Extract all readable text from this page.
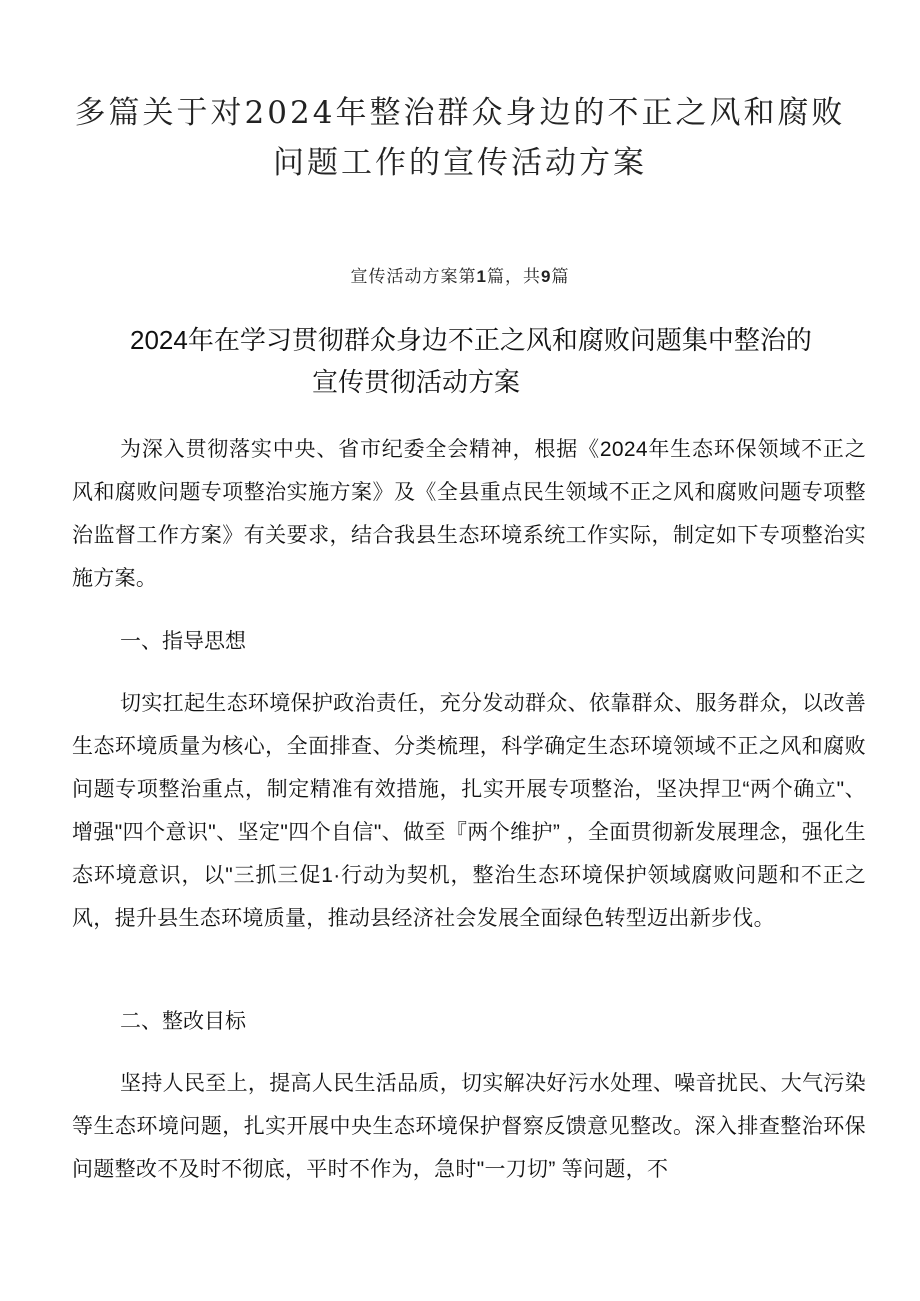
多篇关于对2024年整治群众身边的不正之风和腐败
问题工作的宣传活动方案
宣传活动方案第1篇，共9篇
2024年在学习贯彻群众身边不正之风和腐败问题集中整治的
宣传贯彻活动方案

为深入贯彻落实中央、省市纪委全会精神，根据《2024年生态环保领域不正之风和腐败问题专项整治实施方案》及《全县重点民生领域不正之风和腐败问题专项整治监督工作方案》有关要求，结合我县生态环境系统工作实际，制定如下专项整治实施方案。

一、指导思想

切实扛起生态环境保护政治责任，充分发动群众、依靠群众、服务群众，以改善生态环境质量为核心，全面排查、分类梳理，科学确定生态环境领域不正之风和腐败问题专项整治重点，制定精准有效措施，扎实开展专项整治，坚决捍卫“两个确立"、增强"四个意识"、坚定"四个自信"、做至『两个维护” ，全面贯彻新发展理念，强化生态环境意识，以"三抓三促1·行动为契机，整治生态环境保护领域腐败问题和不正之风，提升县生态环境质量，推动县经济社会发展全面绿色转型迈出新步伐。

二、整改目标

坚持人民至上，提高人民生活品质，切实解决好污水处理、噪音扰民、大气污染等生态环境问题，扎实开展中央生态环境保护督察反馈意见整改。深入排查整治环保问题整改不及时不彻底，平时不作为，急时"一刀切” 等问题，不
